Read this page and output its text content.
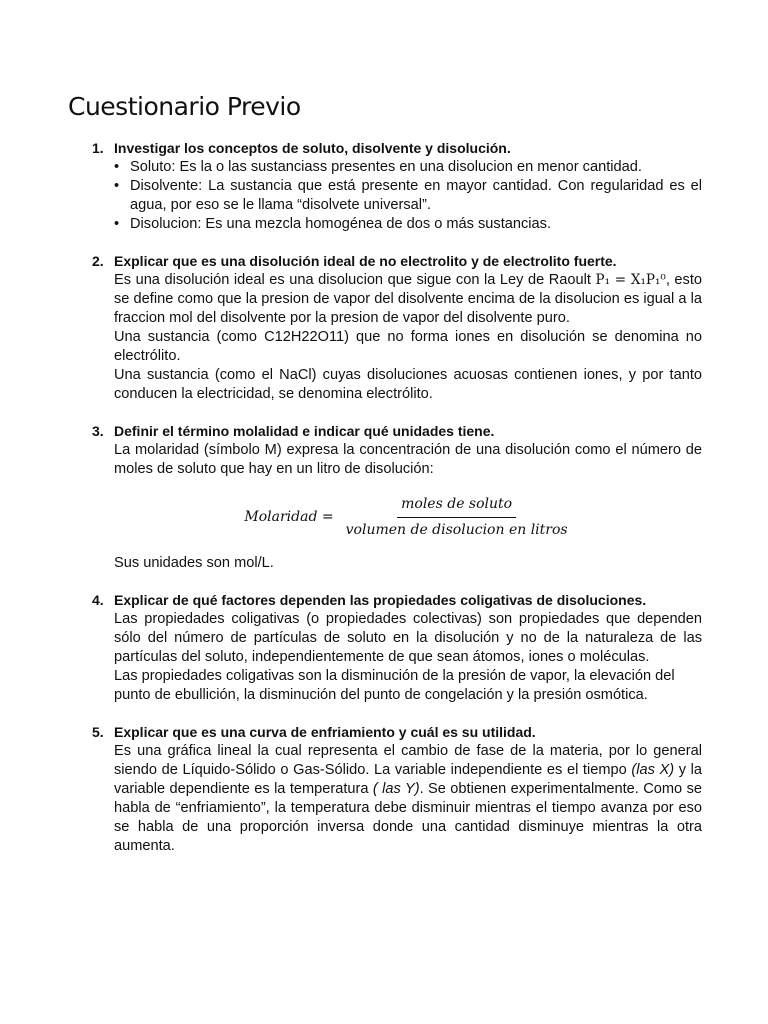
Cuestionario Previo
1. Investigar los conceptos de soluto, disolvente y disolución.
• Soluto: Es la o las sustanciass presentes en una disolucion en menor cantidad.
• Disolvente: La sustancia que está presente en mayor cantidad. Con regularidad es el agua, por eso se le llama “disolvete universal”.
• Disolucion: Es una mezcla homogénea de dos o más sustancias.
2. Explicar que es una disolución ideal de no electrolito y de electrolito fuerte.

Es una disolución ideal es una disolucion que sigue con la Ley de Raoult P₁ = X₁P₁⁰, esto se define como que la presion de vapor del disolvente encima de la disolucion es igual a la fraccion mol del disolvente por la presion de vapor del disolvente puro.

Una sustancia (como C12H22O11) que no forma iones en disolución se denomina no electrólito.

Una sustancia (como el NaCl) cuyas disoluciones acuosas contienen iones, y por tanto conducen la electricidad, se denomina electrólito.

3. Definir el término molalidad e indicar qué unidades tiene.

La molaridad (símbolo M) expresa la concentración de una disolución como el número de moles de soluto que hay en un litro de disolución:

Molaridad = $\frac{\text{moles de soluto}}{\text{volumen de disolucion en litros}}$

Sus unidades son mol/L.

4. Explicar de qué factores dependen las propiedades coligativas de disoluciones.

Las propiedades coligativas (o propiedades colectivas) son propiedades que dependen sólo del número de partículas de soluto en la disolución y no de la naturaleza de las partículas del soluto, independientemente de que sean átomos, iones o moléculas.

Las propiedades coligativas son la disminución de la presión de vapor, la elevación del punto de ebullición, la disminución del punto de congelación y la presión osmótica.

5. Explicar que es una curva de enfriamiento y cuál es su utilidad.

Es una gráfica lineal la cual representa el cambio de fase de la materia, por lo general siendo de Líquido-Sólido o Gas-Sólido. La variable independiente es el tiempo (las X) y la variable dependiente es la temperatura ( las Y). Se obtienen experimentalmente. Como se habla de “enfriamiento”, la temperatura debe disminuir mientras el tiempo avanza por eso se habla de una proporción inversa donde una cantidad disminuye mientras la otra aumenta.
